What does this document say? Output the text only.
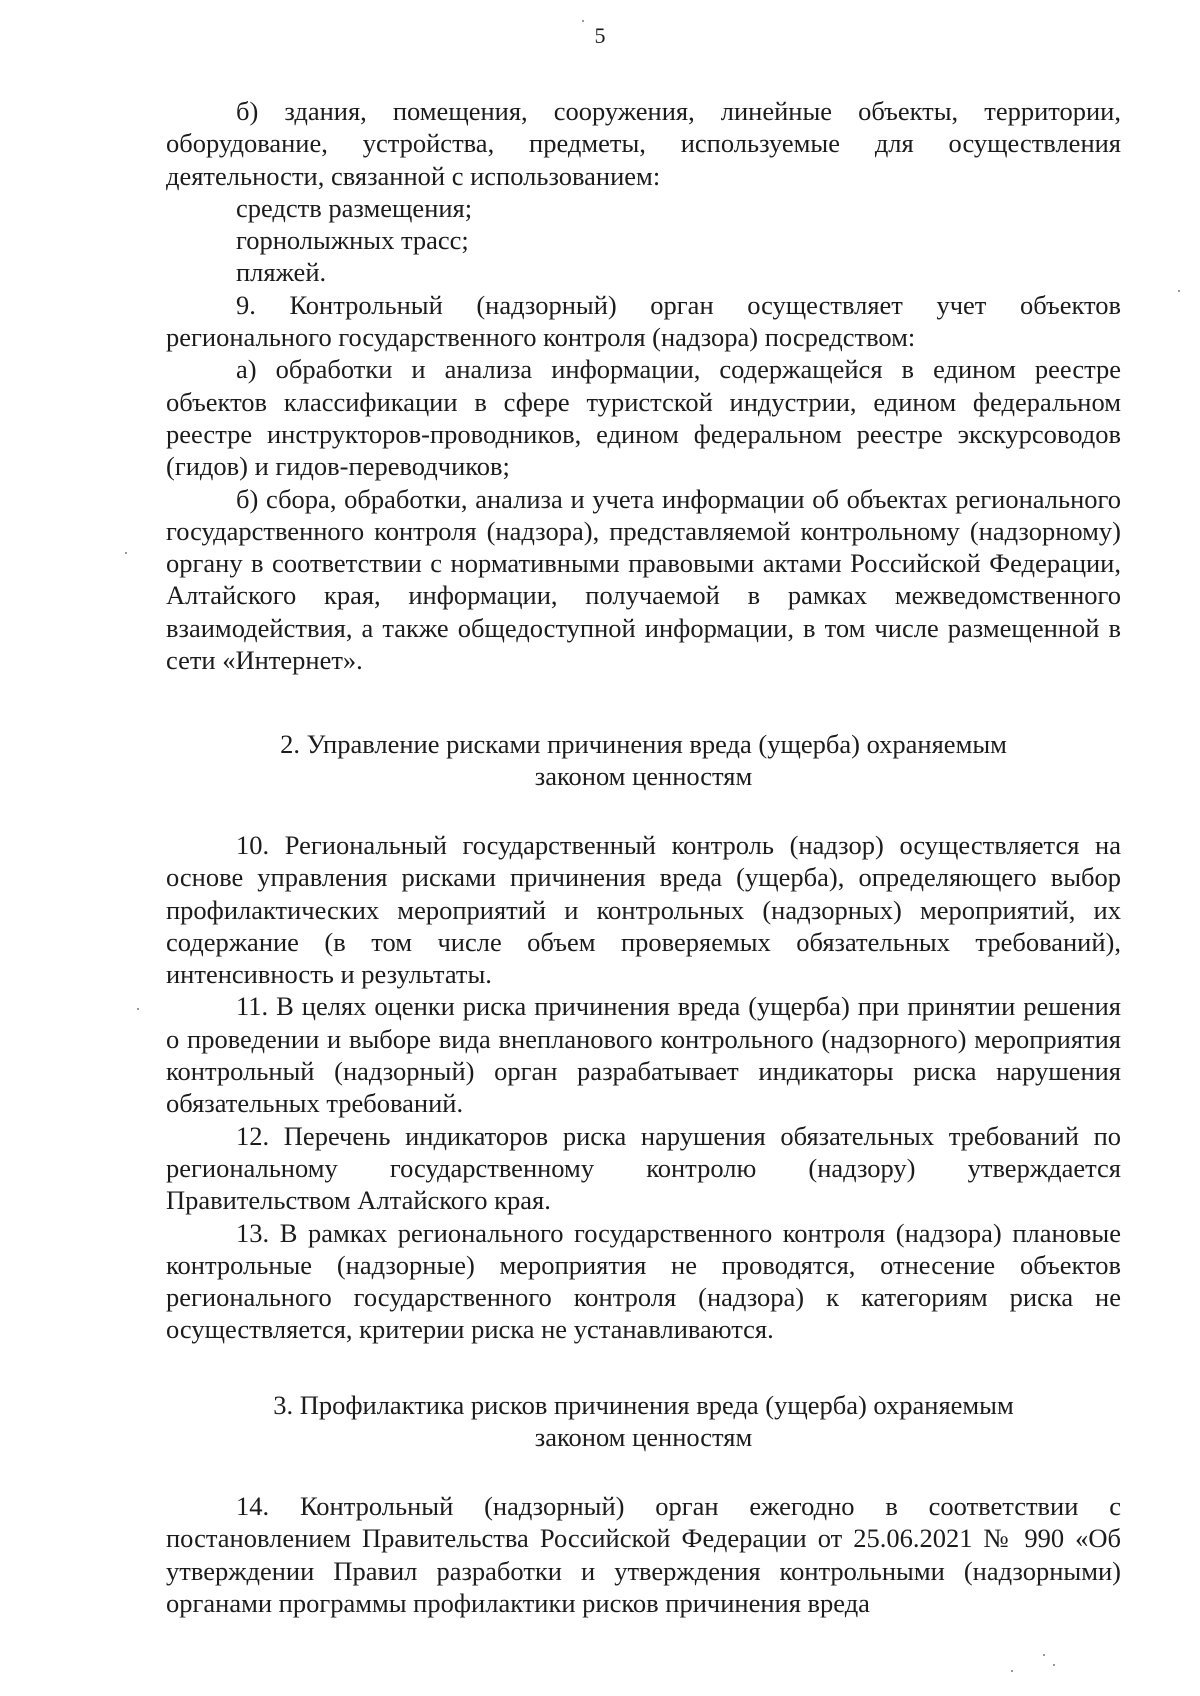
5

б) здания, помещения, сооружения, линейные объекты, территории, оборудование, устройства, предметы, используемые для осуществления деятельности, связанной с использованием:

средств размещения;

горнолыжных трасс;

пляжей.

9. Контрольный (надзорный) орган осуществляет учет объектов регионального государственного контроля (надзора) посредством:

а) обработки и анализа информации, содержащейся в едином реестре объектов классификации в сфере туристской индустрии, едином федеральном реестре инструкторов-проводников, едином федеральном реестре экскурсоводов (гидов) и гидов-переводчиков;

б) сбора, обработки, анализа и учета информации об объектах регионального государственного контроля (надзора), представляемой контрольному (надзорному) органу в соответствии с нормативными правовыми актами Российской Федерации, Алтайского края, информации, получаемой в рамках межведомственного взаимодействия, а также общедоступной информации, в том числе размещенной в сети «Интернет».

2. Управление рисками причинения вреда (ущерба) охраняемым
законом ценностям

10. Региональный государственный контроль (надзор) осуществляется на основе управления рисками причинения вреда (ущерба), определяющего выбор профилактических мероприятий и контрольных (надзорных) мероприятий, их содержание (в том числе объем проверяемых обязательных требований), интенсивность и результаты.

11. В целях оценки риска причинения вреда (ущерба) при принятии решения о проведении и выборе вида внепланового контрольного (надзорного) мероприятия контрольный (надзорный) орган разрабатывает индикаторы риска нарушения обязательных требований.

12. Перечень индикаторов риска нарушения обязательных требований по региональному государственному контролю (надзору) утверждается Правительством Алтайского края.

13. В рамках регионального государственного контроля (надзора) плановые контрольные (надзорные) мероприятия не проводятся, отнесение объектов регионального государственного контроля (надзора) к категориям риска не осуществляется, критерии риска не устанавливаются.

3. Профилактика рисков причинения вреда (ущерба) охраняемым
законом ценностям

14. Контрольный (надзорный) орган ежегодно в соответствии с постановлением Правительства Российской Федерации от 25.06.2021 № 990 «Об утверждении Правил разработки и утверждения контрольными (надзорными) органами программы профилактики рисков причинения вреда
